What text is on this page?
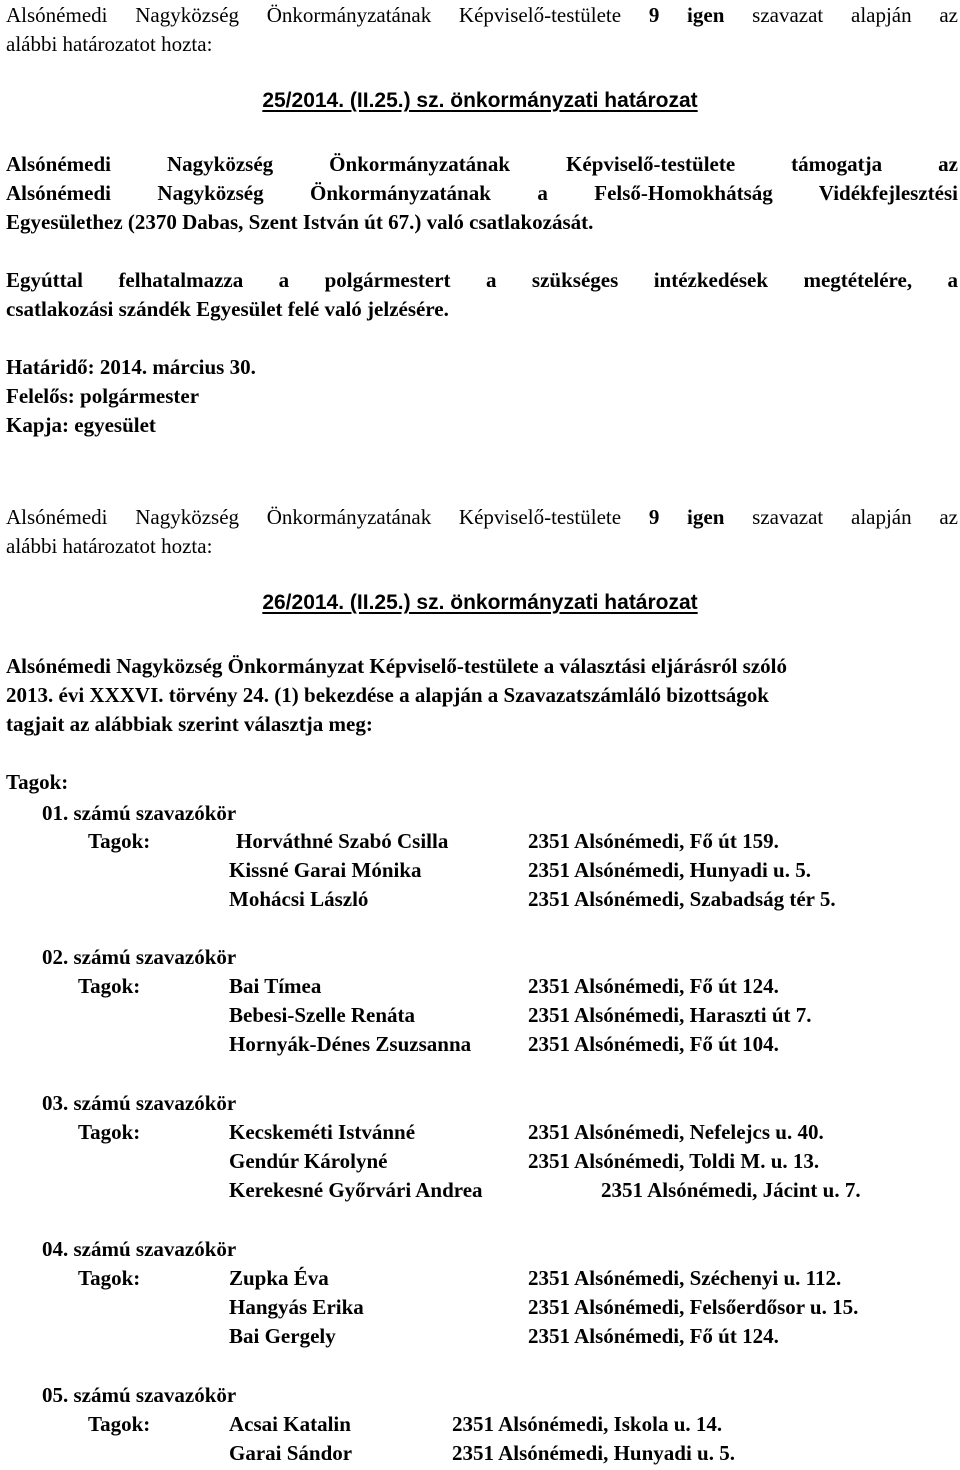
Alsónémedi Nagyközség Önkormányzatának Képviselő-testülete 9 igen szavazat alapján az
alábbi határozatot hozta:
25/2014. (II.25.) sz. önkormányzati határozat
Alsónémedi Nagyközség Önkormányzatának Képviselő-testülete támogatja az
Alsónémedi Nagyközség Önkormányzatának a Felső-Homokhátság Vidékfejlesztési
Egyesülethez (2370 Dabas, Szent István út 67.) való csatlakozását.
Egyúttal felhatalmazza a polgármestert a szükséges intézkedések megtételére, a
csatlakozási szándék Egyesület felé való jelzésére.
Határidő: 2014. március 30.
Felelős: polgármester
Kapja: egyesület
Alsónémedi Nagyközség Önkormányzatának Képviselő-testülete 9 igen szavazat alapján az
alábbi határozatot hozta:
26/2014. (II.25.) sz. önkormányzati határozat
Alsónémedi Nagyközség Önkormányzat Képviselő-testülete a választási eljárásról szóló
2013. évi XXXVI. törvény 24. (1) bekezdése a alapján a Szavazatszámláló bizottságok
tagjait az alábbiak szerint választja meg:
Tagok:
01. számú szavazókör
Tagok:	Horváthné Szabó Csilla	2351 Alsónémedi, Fő út 159.
Kissné Garai Mónika	2351 Alsónémedi, Hunyadi u. 5.
Mohácsi László	2351 Alsónémedi, Szabadság tér 5.
02. számú szavazókör
Tagok:	Bai Tímea	2351 Alsónémedi, Fő út 124.
Bebesi-Szelle Renáta	2351 Alsónémedi, Haraszti út 7.
Hornyák-Dénes Zsuzsanna	2351 Alsónémedi, Fő út 104.
03. számú szavazókör
Tagok:	Kecskeméti Istvánné	2351 Alsónémedi, Nefelejcs u. 40.
Gendúr Károlyné	2351 Alsónémedi, Toldi M. u. 13.
Kerekesné Győrvári Andrea	2351 Alsónémedi, Jácint u. 7.
04. számú szavazókör
Tagok:	Zupka Éva	2351 Alsónémedi, Széchenyi u. 112.
Hangyás Erika	2351 Alsónémedi, Felsőerdősor u. 15.
Bai Gergely	2351 Alsónémedi, Fő út 124.
05. számú szavazókör
Tagok:	Acsai Katalin	2351 Alsónémedi, Iskola u. 14.
Garai Sándor	2351 Alsónémedi, Hunyadi u. 5.
